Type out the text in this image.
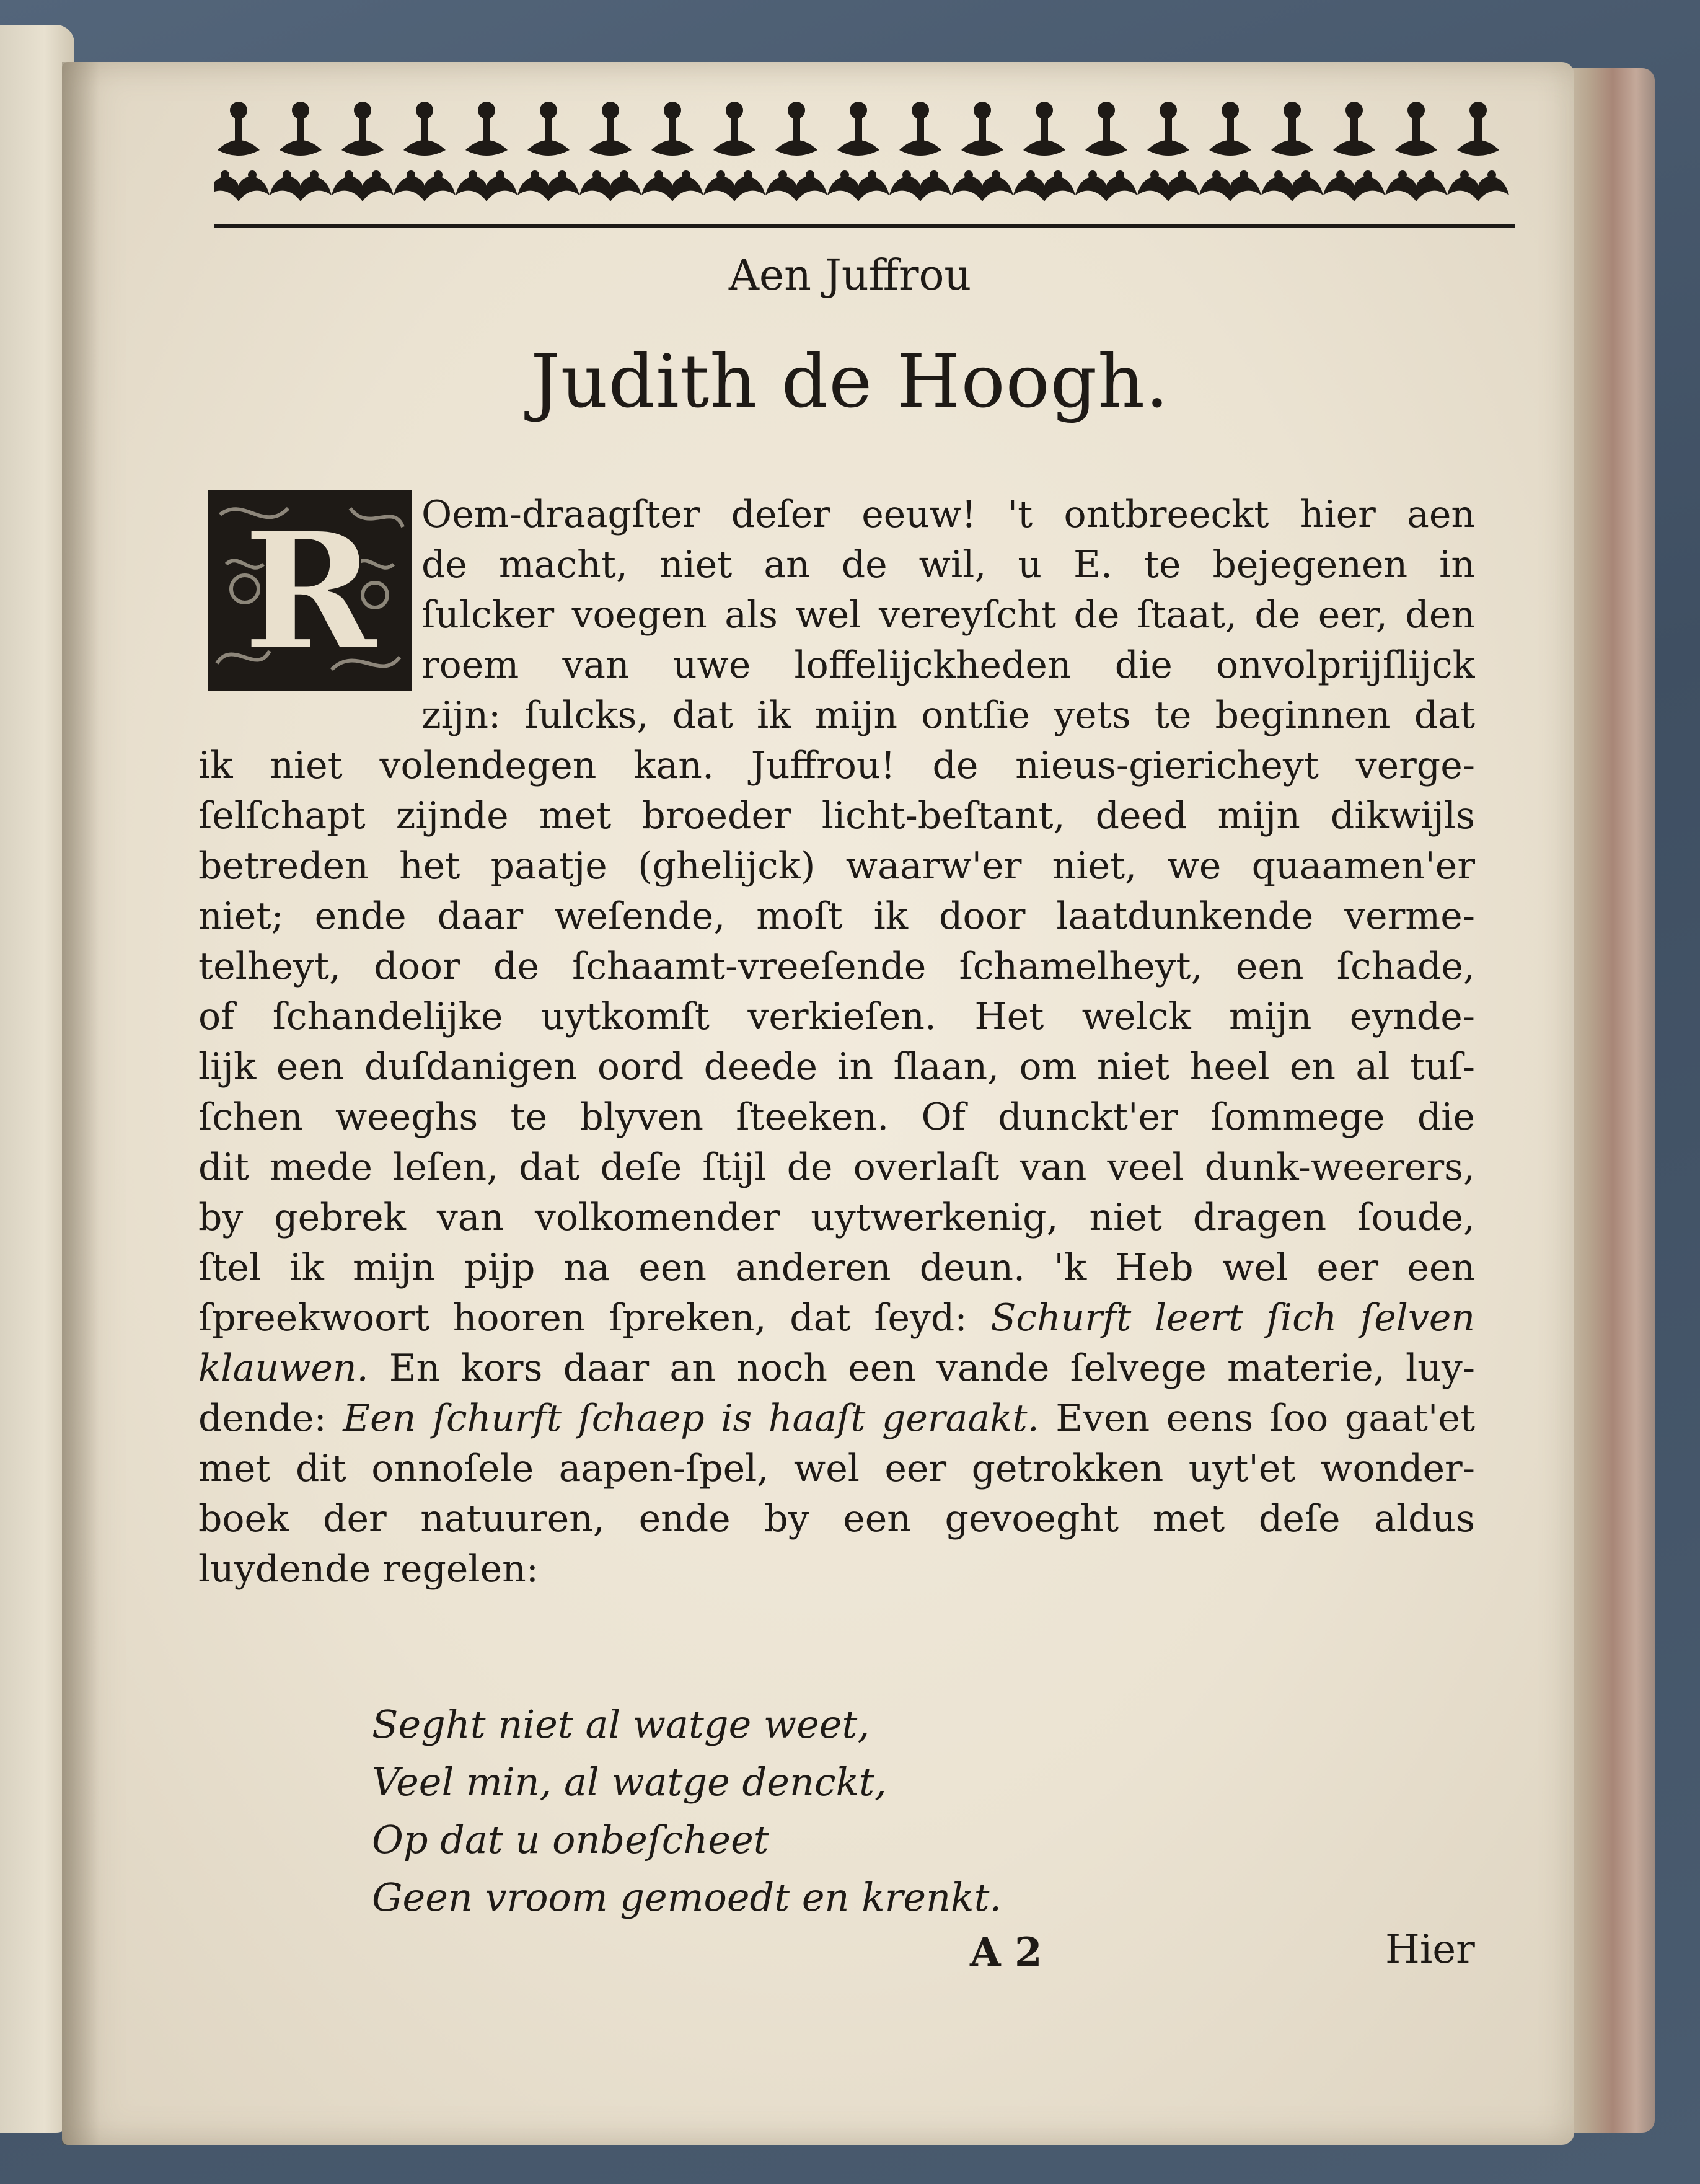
Aen Juffrou
Judith de Hoogh.
R	Oem-draagſter deſer eeuw! 't ontbreeckt hier aen
de macht, niet an de wil, u E. te bejegenen in
ſulcker voegen als wel vereyſcht de ſtaat, de eer, den
roem van uwe loffelijckheden die onvolprijſlijck
zijn: ſulcks, dat ik mijn ontſie yets te beginnen dat
ik niet volendegen kan. Juffrou! de nieus-giericheyt verge-
ſelſchapt zijnde met broeder licht-beſtant, deed mijn dikwijls
betreden het paatje (ghelijck) waarw'er niet, we quaamen'er
niet; ende daar weſende, moſt ik door laatdunkende verme-
telheyt, door de ſchaamt-vreeſende ſchamelheyt, een ſchade,
of ſchandelijke uytkomſt verkieſen. Het welck mijn eynde-
lijk een duſdanigen oord deede in ſlaan, om niet heel en al tuſ-
ſchen weeghs te blyven ſteeken. Of dunckt'er ſommege die
dit mede leſen, dat deſe ſtijl de overlaſt van veel dunk-weerers,
by gebrek van volkomender uytwerkenig, niet dragen ſoude,
ſtel ik mijn pijp na een anderen deun. 'k Heb wel eer een
ſpreekwoort hooren ſpreken, dat ſeyd: Schurft leert ſich ſelven
klauwen. En kors daar an noch een vande ſelvege materie, luy-
dende: Een ſchurft ſchaep is haaſt geraakt. Even eens ſoo gaat'et
met dit onnoſele aapen-ſpel, wel eer getrokken uyt'et wonder-
boek der natuuren, ende by een gevoeght met deſe aldus
luydende regelen:
Seght niet al watge weet,
Veel min, al watge denckt,
Op dat u onbeſcheet
Geen vroom gemoedt en krenkt.
A 2	Hier
